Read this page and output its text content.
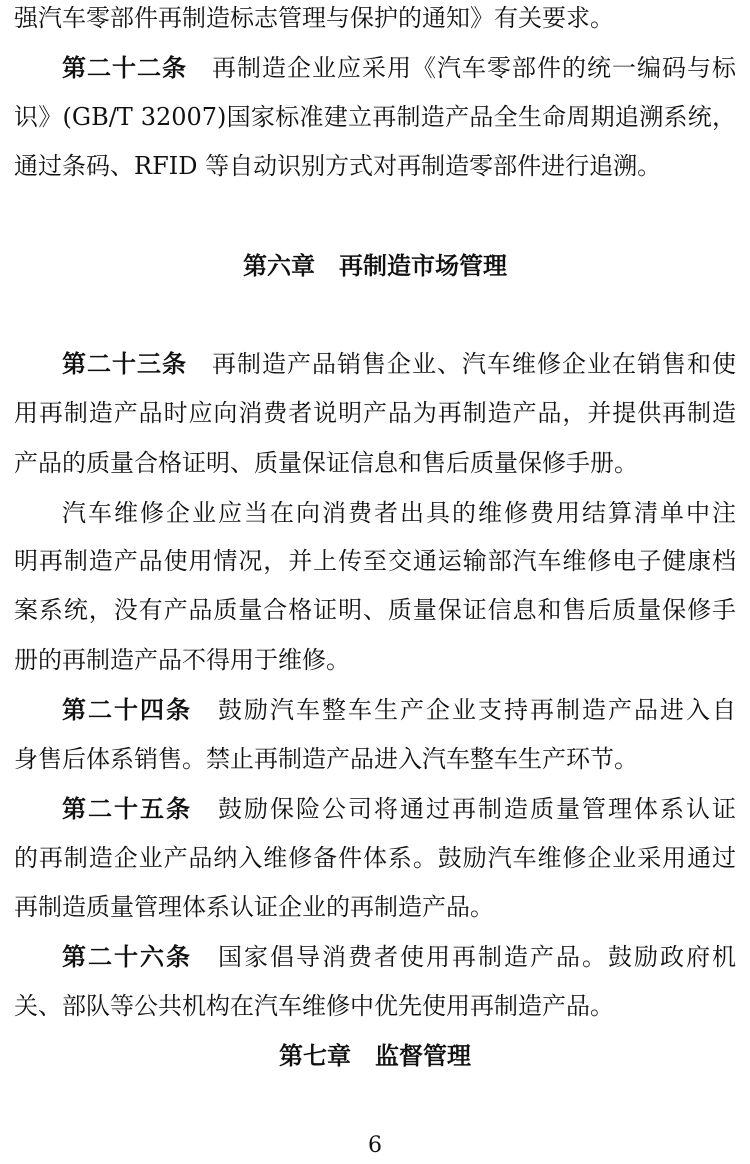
强汽车零部件再制造标志管理与保护的通知》有关要求。
第二十二条 再制造企业应采用《汽车零部件的统一编码与标
识》(GB/T 32007)国家标准建立再制造产品全生命周期追溯系统，
通过条码、RFID 等自动识别方式对再制造零部件进行追溯。
第六章　再制造市场管理
第二十三条 再制造产品销售企业、汽车维修企业在销售和使
用再制造产品时应向消费者说明产品为再制造产品，并提供再制造
产品的质量合格证明、质量保证信息和售后质量保修手册。
汽车维修企业应当在向消费者出具的维修费用结算清单中注
明再制造产品使用情况，并上传至交通运输部汽车维修电子健康档
案系统，没有产品质量合格证明、质量保证信息和售后质量保修手
册的再制造产品不得用于维修。
第二十四条 鼓励汽车整车生产企业支持再制造产品进入自
身售后体系销售。禁止再制造产品进入汽车整车生产环节。
第二十五条 鼓励保险公司将通过再制造质量管理体系认证
的再制造企业产品纳入维修备件体系。鼓励汽车维修企业采用通过
再制造质量管理体系认证企业的再制造产品。
第二十六条 国家倡导消费者使用再制造产品。鼓励政府机
关、部队等公共机构在汽车维修中优先使用再制造产品。
第七章　监督管理
6
